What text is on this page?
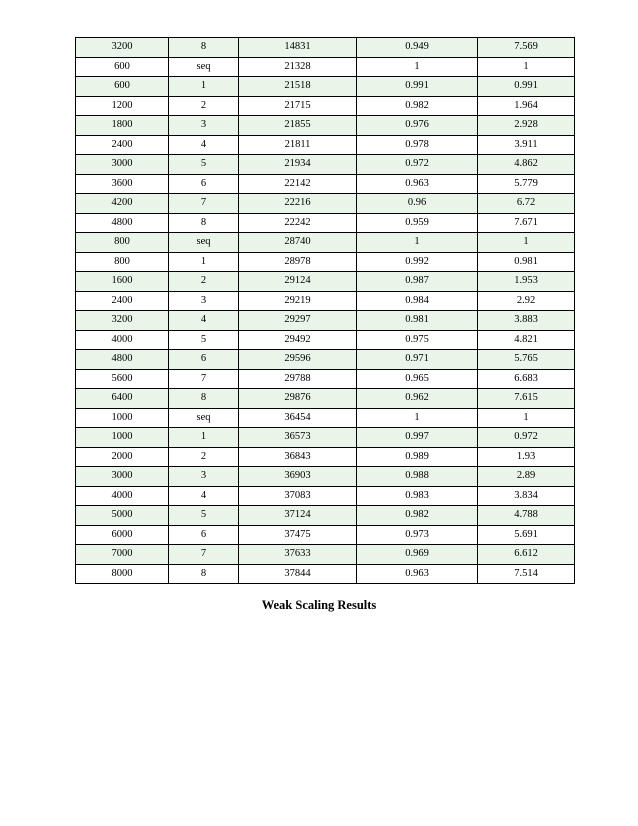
3200	8	14831	0.949	7.569
600	seq	21328	1	1
600	1	21518	0.991	0.991
1200	2	21715	0.982	1.964
1800	3	21855	0.976	2.928
2400	4	21811	0.978	3.911
3000	5	21934	0.972	4.862
3600	6	22142	0.963	5.779
4200	7	22216	0.96	6.72
4800	8	22242	0.959	7.671
800	seq	28740	1	1
800	1	28978	0.992	0.981
1600	2	29124	0.987	1.953
2400	3	29219	0.984	2.92
3200	4	29297	0.981	3.883
4000	5	29492	0.975	4.821
4800	6	29596	0.971	5.765
5600	7	29788	0.965	6.683
6400	8	29876	0.962	7.615
1000	seq	36454	1	1
1000	1	36573	0.997	0.972
2000	2	36843	0.989	1.93
3000	3	36903	0.988	2.89
4000	4	37083	0.983	3.834
5000	5	37124	0.982	4.788
6000	6	37475	0.973	5.691
7000	7	37633	0.969	6.612
8000	8	37844	0.963	7.514
Weak Scaling Results
